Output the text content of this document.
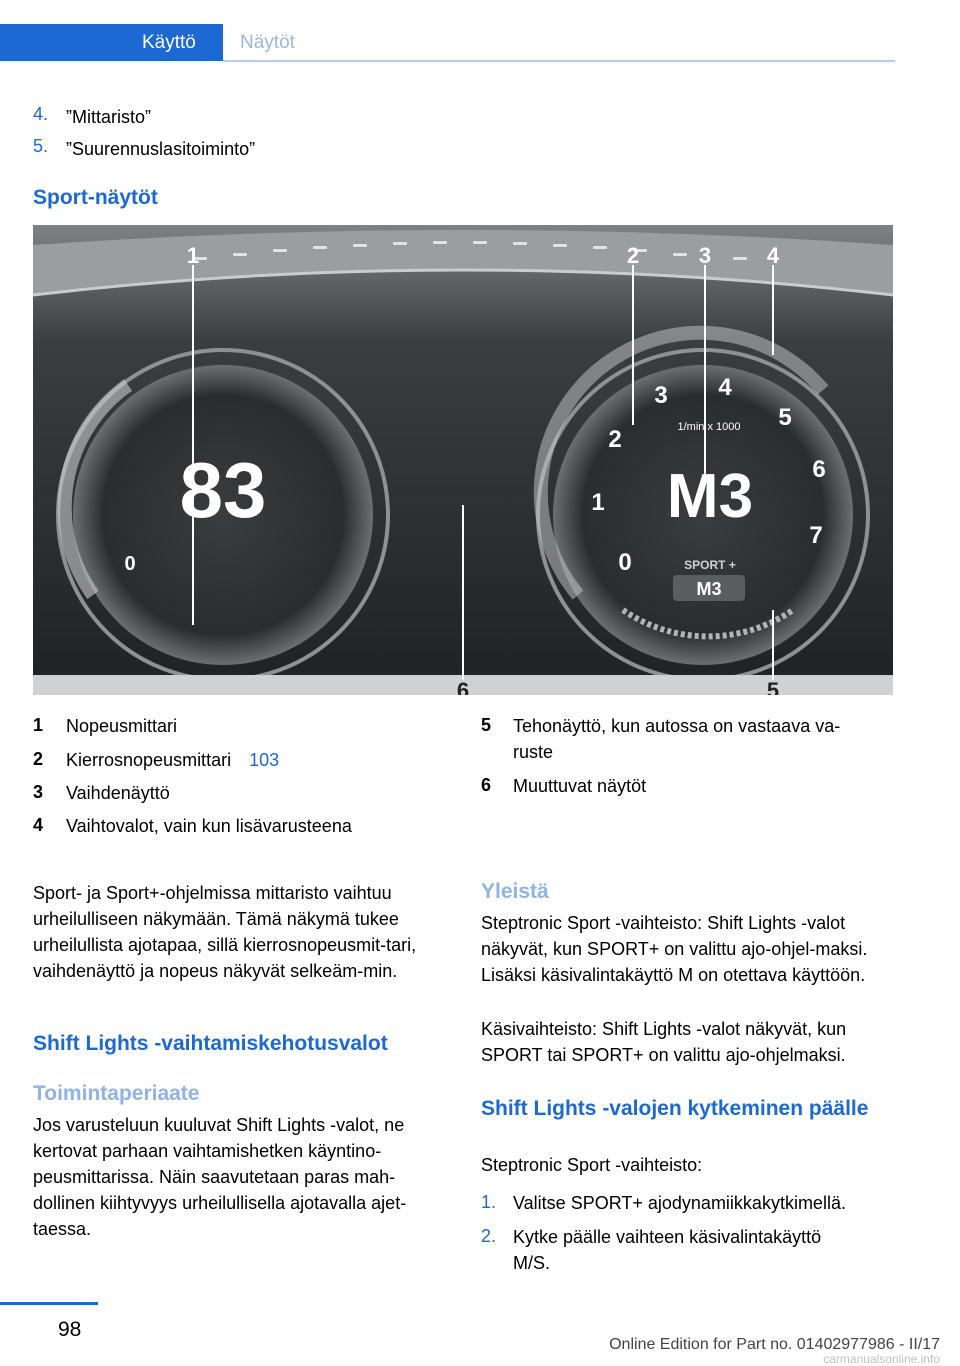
Käyttö Näytöt
4. ”Mittaristo”
5. ”Suurennuslasitoiminto”
Sport-näytöt
83
0
M3
1/min x 1000
SPORT +
M3
0
1
2
3 4
5
6
7
1	2	3	4
6	5
1 Nopeusmittari
2 Kierrosnopeusmittari 103
3 Vaihdenäyttö
4 Vaihtovalot, vain kun lisävarusteena
5 Tehonäyttö, kun autossa on vastaava va-
ruste
6 Muuttuvat näytöt
Sport- ja Sport+-ohjelmissa mittaristo vaihtuu urheilulliseen näkymään. Tämä näkymä tukee urheilullista ajotapaa, sillä kierrosnopeusmit-tari, vaihdenäyttö ja nopeus näkyvät selkeäm-min.
Shift Lights -vaihtamiskehotusvalot
Toimintaperiaate
Jos varusteluun kuuluvat Shift Lights -valot, ne kertovat parhaan vaihtamishetken käyntino-peusmittarissa. Näin saavutetaan paras mah-dollinen kiihtyvyys urheilullisella ajotavalla ajet-taessa.
Yleistä
Steptronic Sport -vaihteisto: Shift Lights -valot näkyvät, kun SPORT+ on valittu ajo-ohjel-maksi. Lisäksi käsivalintakäyttö M on otettava käyttöön.
Käsivaihteisto: Shift Lights -valot näkyvät, kun SPORT tai SPORT+ on valittu ajo-ohjelmaksi.
Shift Lights -valojen kytkeminen päälle
Steptronic Sport -vaihteisto:
1. Valitse SPORT+ ajodynamiikkakytkimellä.
2. Kytke päälle vaihteen käsivalintakäyttö
M/S.
98
Online Edition for Part no. 01402977986 - II/17
carmanualsonline.info
